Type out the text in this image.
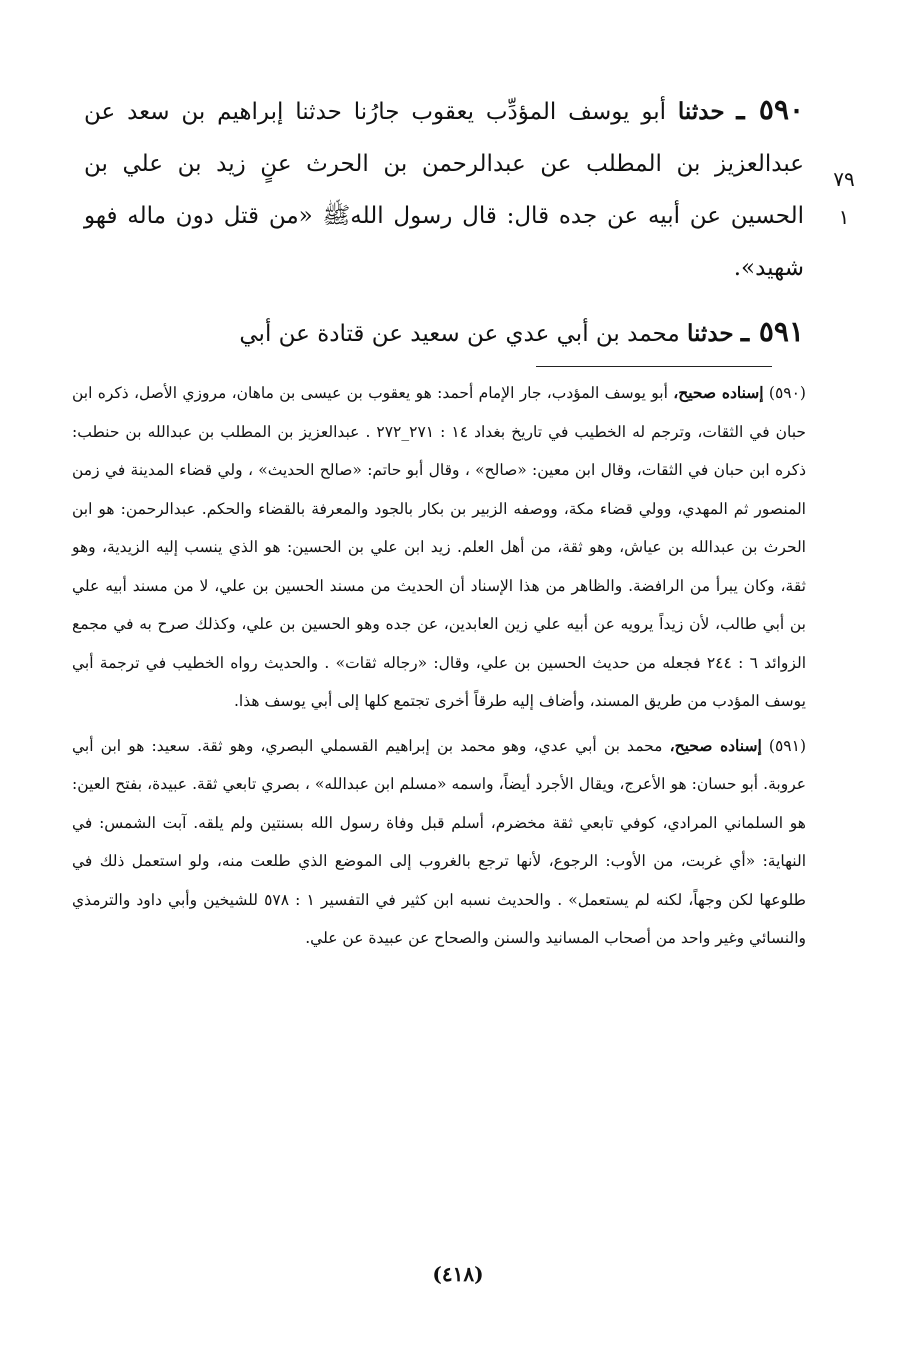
٧٩
١

٥٩٠ ـ حدثنا أبو يوسف المؤدِّب يعقوب جارُنا حدثنا إبراهيم بن سعد عن عبدالعزيز بن المطلب عن عبدالرحمن بن الحرث عنٍ زيد بن علي بن الحسين عن أبيه عن جده قال: قال رسول اللهﷺ «من قتل دون ماله فهو شهيد».

٥٩١ ـ حدثنا محمد بن أبي عدي عن سعيد عن قتادة عن أبي

(٥٩٠) إسناده صحيح، أبو يوسف المؤدب، جار الإمام أحمد: هو يعقوب بن عيسى بن ماهان، مروزي الأصل، ذكره ابن حبان في الثقات، وترجم له الخطيب في تاريخ بغداد ١٤ : ٢٧١_٢٧٢ . عبدالعزيز بن المطلب بن عبدالله بن حنطب: ذكره ابن حبان في الثقات، وقال ابن معين: «صالح» ، وقال أبو حاتم: «صالح الحديث» ، ولي قضاء المدينة في زمن المنصور ثم المهدي، وولي قضاء مكة، ووصفه الزبير بن بكار بالجود والمعرفة بالقضاء والحكم. عبدالرحمن: هو ابن الحرث بن عبدالله بن عياش، وهو ثقة، من أهل العلم. زيد ابن علي بن الحسين: هو الذي ينسب إليه الزيدية، وهو ثقة، وكان يبرأ من الرافضة. والظاهر من هذا الإسناد أن الحديث من مسند الحسين بن علي، لا من مسند أبيه علي بن أبي طالب، لأن زيداً يرويه عن أبيه علي زين العابدين، عن جده وهو الحسين بن علي، وكذلك صرح به في مجمع الزوائد ٦ : ٢٤٤ فجعله من حديث الحسين بن علي، وقال: «رجاله ثقات» . والحديث رواه الخطيب في ترجمة أبي يوسف المؤدب من طريق المسند، وأضاف إليه طرقاً أخرى تجتمع كلها إلى أبي يوسف هذا.

(٥٩١) إسناده صحيح، محمد بن أبي عدي، وهو محمد بن إبراهيم القسملي البصري، وهو ثقة. سعيد: هو ابن أبي عروبة. أبو حسان: هو الأعرج، ويقال الأجرد أيضاً، واسمه «مسلم ابن عبدالله» ، بصري تابعي ثقة. عبيدة، بفتح العين: هو السلماني المرادي، كوفي تابعي ثقة مخضرم، أسلم قبل وفاة رسول الله بسنتين ولم يلقه. آبت الشمس: في النهاية: «أي غربت، من الأوب: الرجوع، لأنها ترجع بالغروب إلى الموضع الذي طلعت منه، ولو استعمل ذلك في طلوعها لكن وجهاً، لكنه لم يستعمل» . والحديث نسبه ابن كثير في التفسير ١ : ٥٧٨ للشيخين وأبي داود والترمذي والنسائي وغير واحد من أصحاب المسانيد والسنن والصحاح عن عبيدة عن علي.

(٤١٨)
